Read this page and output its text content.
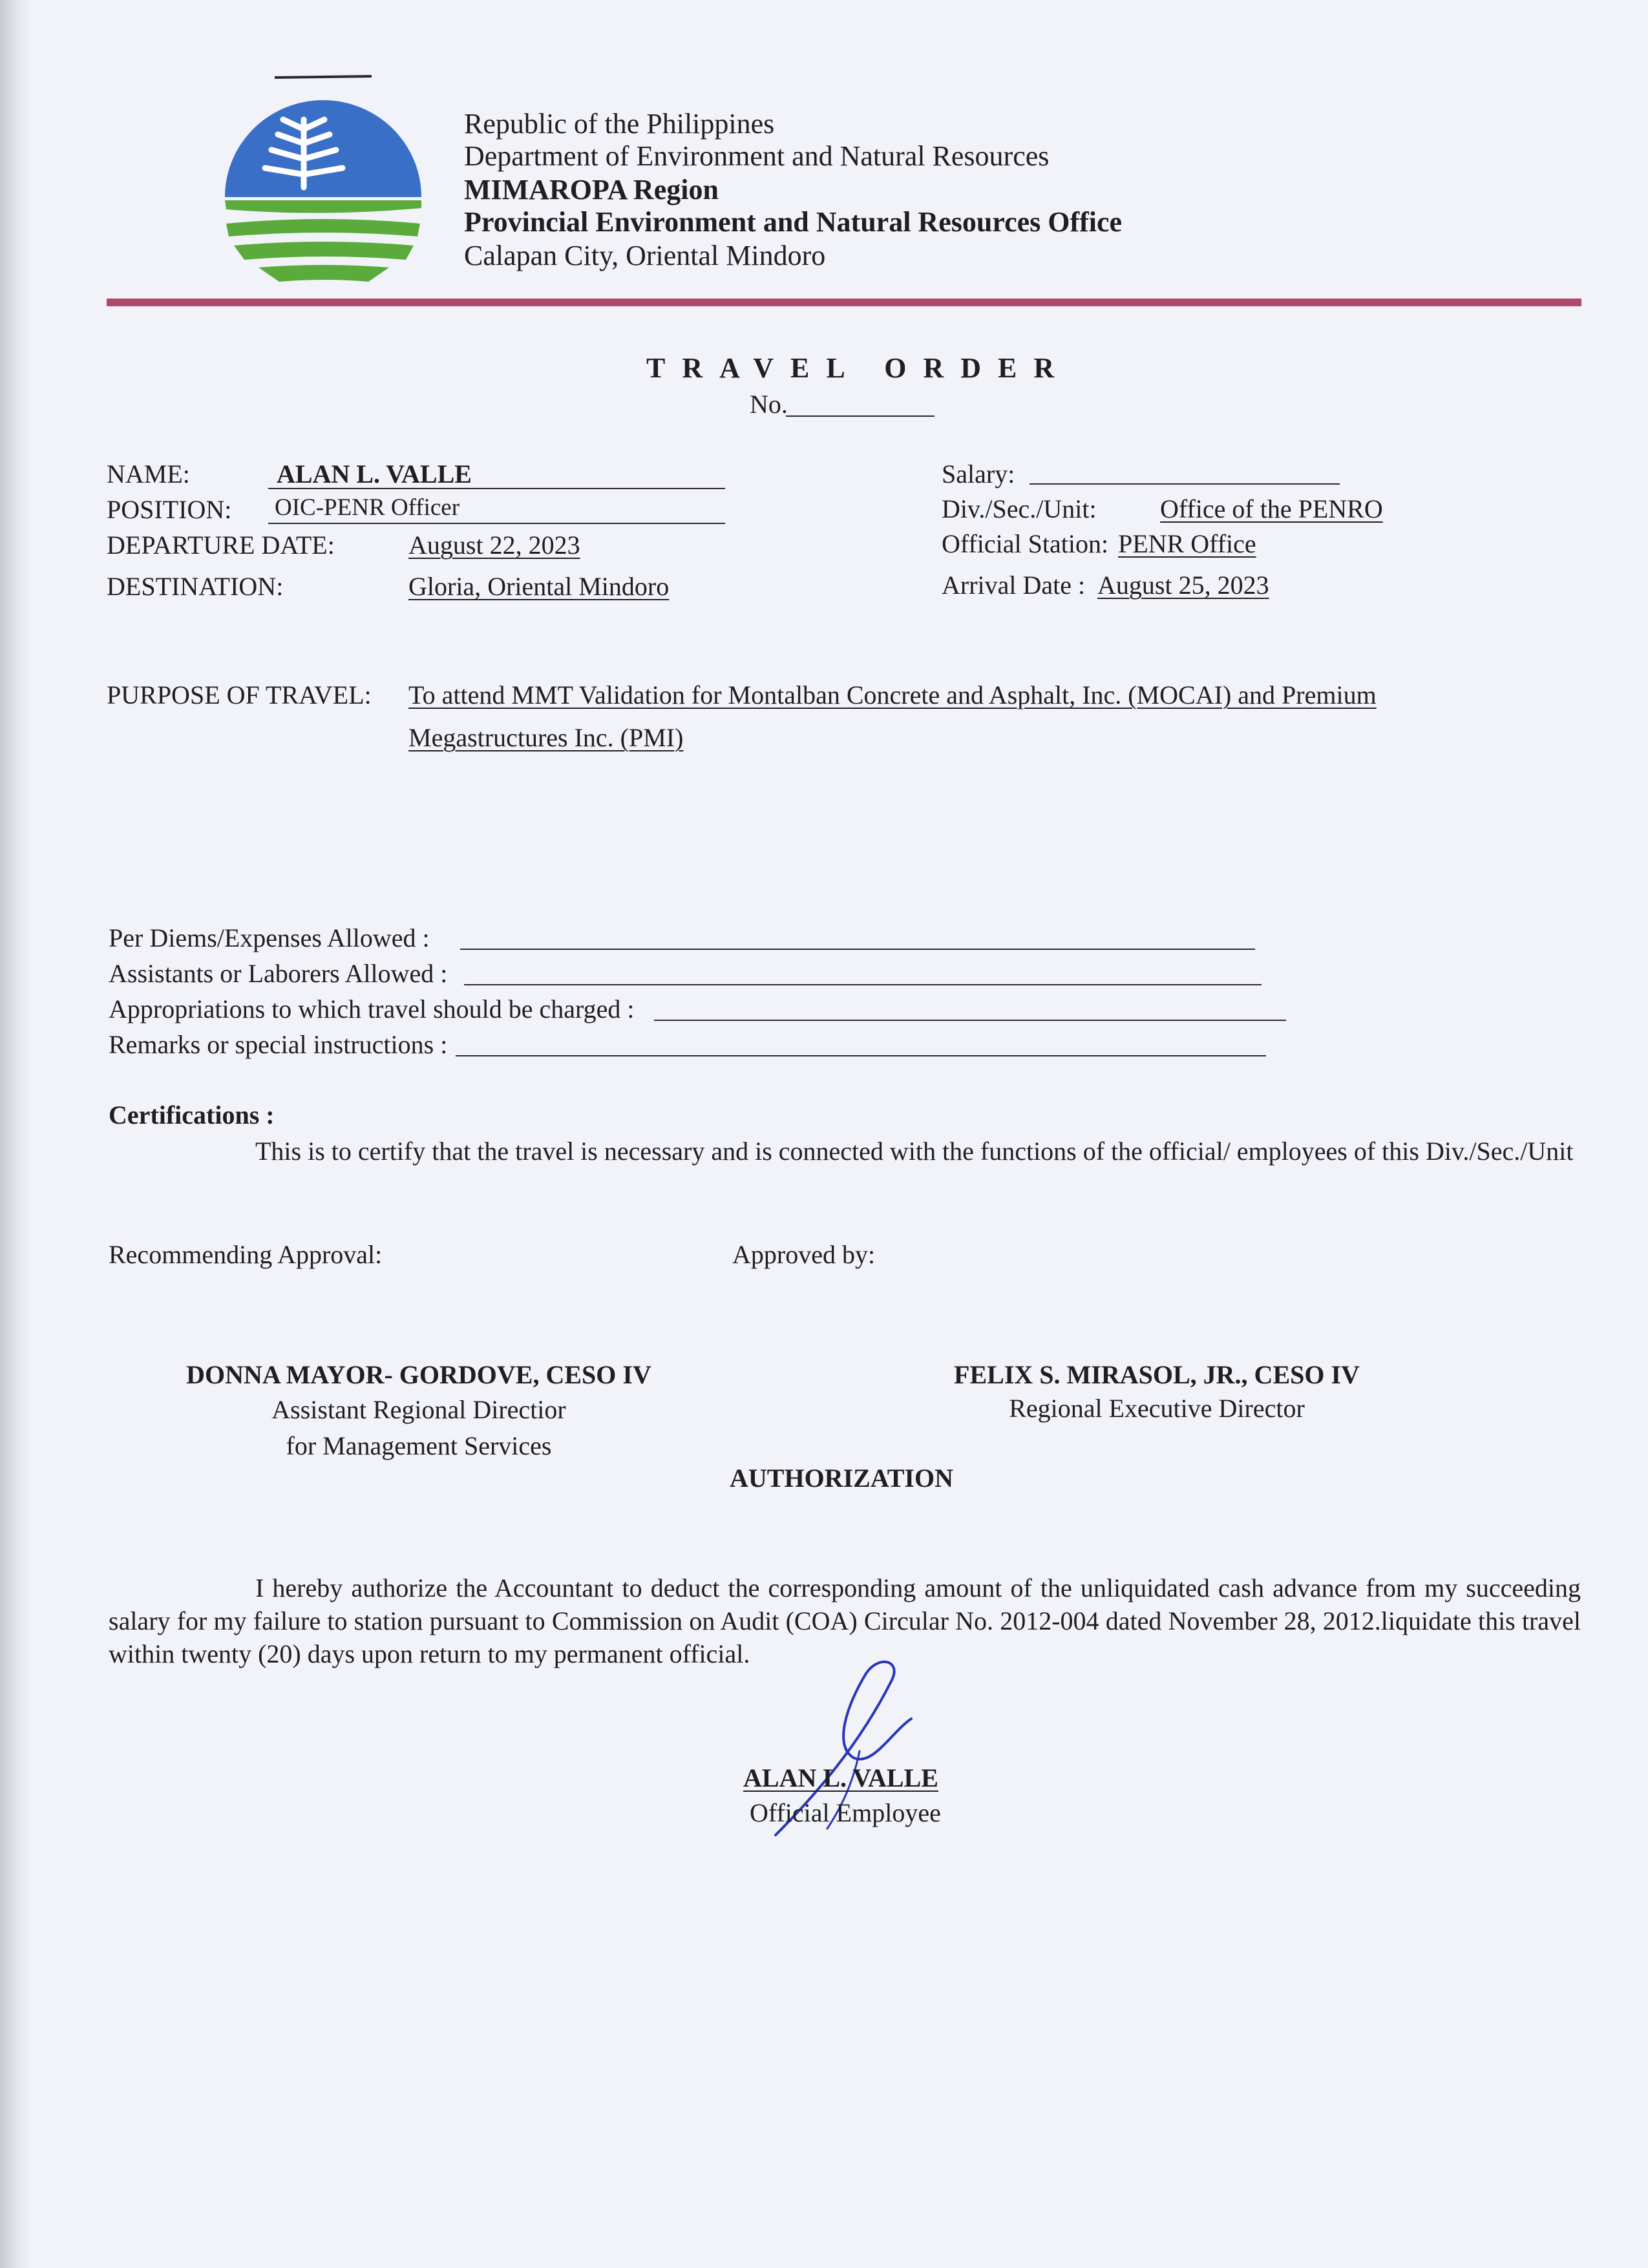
Republic of the Philippines
Department of Environment and Natural Resources
MIMAROPA Region
Provincial Environment and Natural Resources Office
Calapan City, Oriental Mindoro
TRAVEL ORDER
No.
NAME:	ALAN L. VALLE
POSITION: OIC-PENR Officer
DEPARTURE DATE:	August 22, 2023
DESTINATION:	Gloria, Oriental Mindoro
Salary:
Div./Sec./Unit: Office of the PENRO
Official Station: PENR Office
Arrival Date : August 25, 2023
PURPOSE OF TRAVEL: To attend MMT Validation for Montalban Concrete and Asphalt, Inc. (MOCAI) and Premium
Megastructures Inc. (PMI)
Per Diems/Expenses Allowed :
Assistants or Laborers Allowed :
Appropriations to which travel should be charged :
Remarks or special instructions :
Certifications :
This is to certify that the travel is necessary and is connected with the functions of the official/ employees of this Div./Sec./Unit
Recommending Approval:	Approved by:
DONNA MAYOR- GORDOVE, CESO IV
Assistant Regional Directior
for Management Services
FELIX S. MIRASOL, JR., CESO IV
Regional Executive Director
AUTHORIZATION
I hereby authorize the Accountant to deduct the corresponding amount of the unliquidated cash advance from my succeeding salary for my failure to station pursuant to Commission on Audit (COA) Circular No. 2012-004 dated November 28, 2012.liquidate this travel within twenty (20) days upon return to my permanent official.
ALAN L. VALLE
Official Employee
